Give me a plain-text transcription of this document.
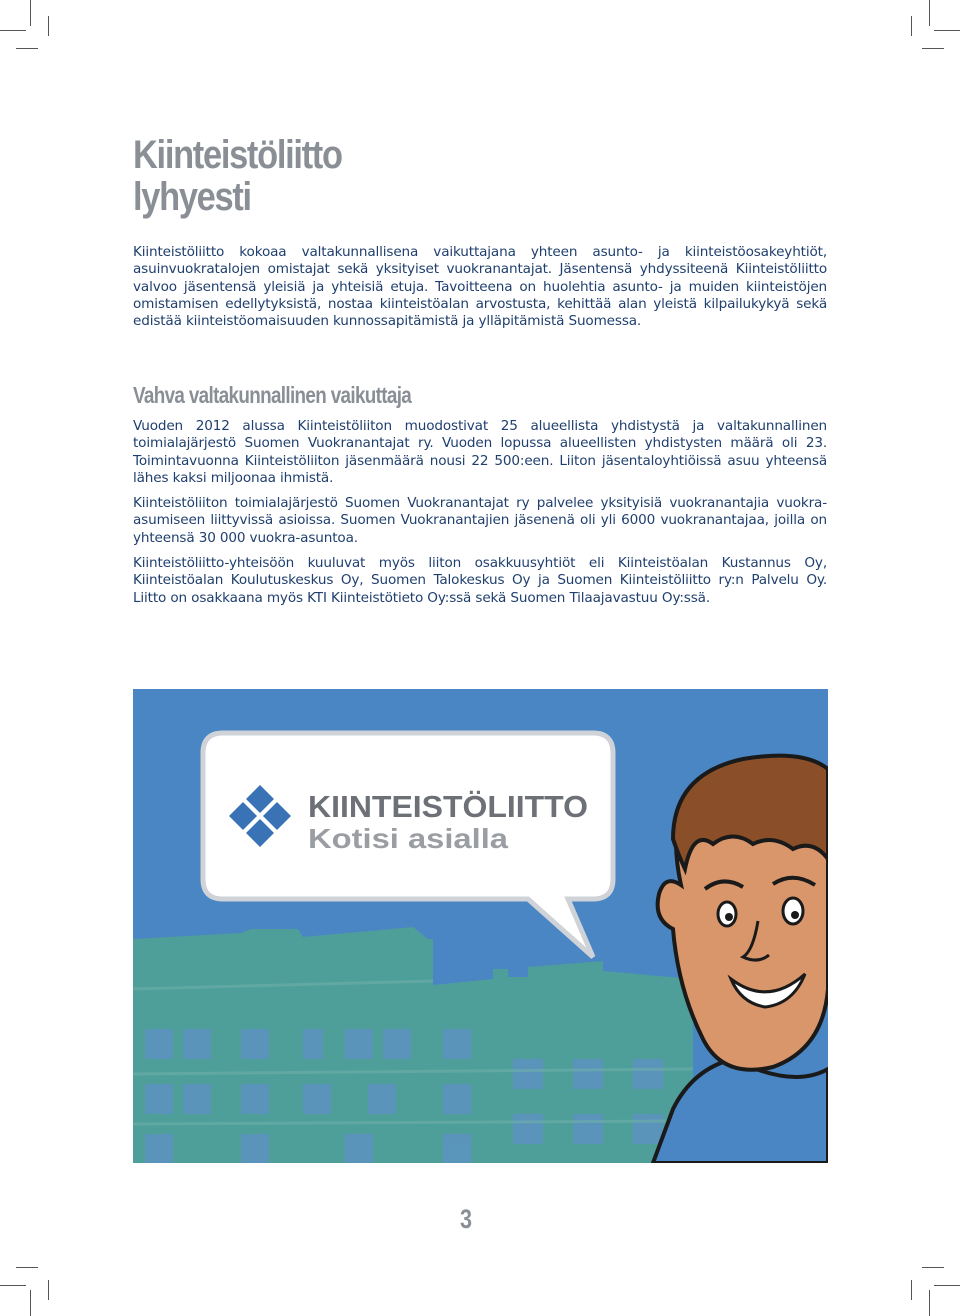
Kiinteistöliitto
lyhyesti

Kiinteistöliitto kokoaa valtakunnallisena vaikuttajana yhteen asunto- ja kiinteistöosakeyhtiöt, asuinvuokratalojen omistajat sekä yksityiset vuokranantajat. Jäsentensä yhdyssiteenä Kiinteistöliitto valvoo jäsentensä yleisiä ja yhteisiä etuja. Tavoitteena on huolehtia asunto- ja muiden kiinteistöjen omistamisen edellytyksistä, nostaa kiinteistöalan arvostusta, kehittää alan yleistä kilpailukykyä sekä edistää kiinteistöomaisuuden kunnossapitämistä ja ylläpitämistä Suomessa.

Vahva valtakunnallinen vaikuttaja

Vuoden 2012 alussa Kiinteistöliiton muodostivat 25 alueellista yhdistystä ja valtakunnallinen toimialajärjestö Suomen Vuokranantajat ry. Vuoden lopussa alueellisten yhdistysten määrä oli 23. Toimintavuonna Kiinteistöliiton jäsenmäärä nousi 22 500:een. Liiton jäsentaloyhtiöissä asuu yhteensä lähes kaksi miljoonaa ihmistä.

Kiinteistöliiton toimialajärjestö Suomen Vuokranantajat ry palvelee yksityisiä vuokranantajia vuokra-asumiseen liittyvissä asioissa. Suomen Vuokranantajien jäsenenä oli yli 6000 vuokranantajaa, joilla on yhteensä 30 000 vuokra-asuntoa.

Kiinteistöliitto-yhteisöön kuuluvat myös liiton osakkuusyhtiöt eli Kiinteistöalan Kustannus Oy, Kiinteistöalan Koulutuskeskus Oy, Suomen Talokeskus Oy ja Suomen Kiinteistöliitto ry:n Palvelu Oy. Liitto on osakkaana myös KTI Kiinteistötieto Oy:ssä sekä Suomen Tilaajavastuu Oy:ssä.

KIINTEISTÖLIITTO
Kotisi asialla
3
